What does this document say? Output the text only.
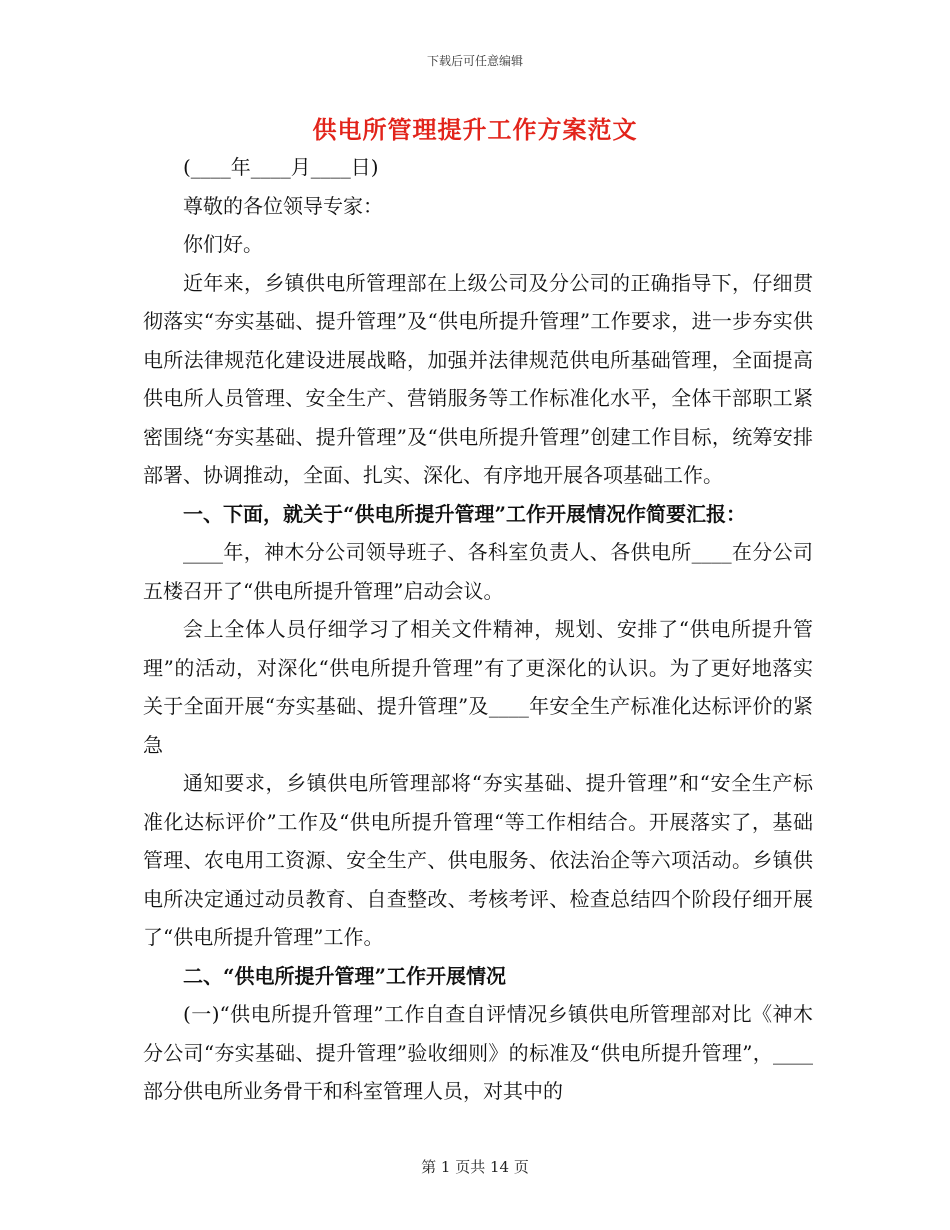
下载后可任意编辑
供电所管理提升工作方案范文

(____年____月____日)

尊敬的各位领导专家：

你们好。

近年来，乡镇供电所管理部在上级公司及分公司的正确指导下，仔细贯彻落实“夯实基础、提升管理”及“供电所提升管理”工作要求，进一步夯实供电所法律规范化建设进展战略，加强并法律规范供电所基础管理，全面提高供电所人员管理、安全生产、营销服务等工作标准化水平，全体干部职工紧密围绕“夯实基础、提升管理”及“供电所提升管理”创建工作目标，统筹安排部署、协调推动，全面、扎实、深化、有序地开展各项基础工作。

一、下面，就关于“供电所提升管理”工作开展情况作简要汇报：

____年，神木分公司领导班子、各科室负责人、各供电所____在分公司五楼召开了“供电所提升管理”启动会议。

会上全体人员仔细学习了相关文件精神，规划、安排了“供电所提升管理”的活动，对深化“供电所提升管理”有了更深化的认识。为了更好地落实关于全面开展“夯实基础、提升管理”及____年安全生产标准化达标评价的紧急

通知要求，乡镇供电所管理部将“夯实基础、提升管理”和“安全生产标准化达标评价”工作及“供电所提升管理“等工作相结合。开展落实了，基础管理、农电用工资源、安全生产、供电服务、依法治企等六项活动。乡镇供电所决定通过动员教育、自查整改、考核考评、检查总结四个阶段仔细开展了“供电所提升管理”工作。

二、“供电所提升管理”工作开展情况

(一)“供电所提升管理”工作自查自评情况乡镇供电所管理部对比《神木分公司“夯实基础、提升管理”验收细则》的标准及“供电所提升管理”，____部分供电所业务骨干和科室管理人员，对其中的

第 1 页共 14 页
